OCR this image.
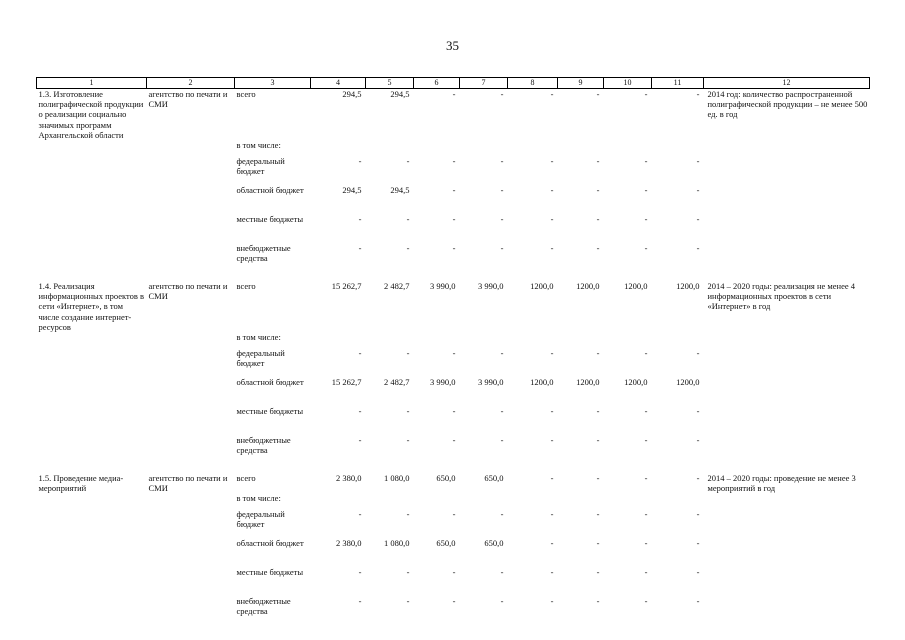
35
1	2	3	4	5	6	7	8	9	10	11	12
1.3. Изготовление полиграфической продукции о реализации социально значимых программ Архангельской области	агентство по печати и СМИ	всего	294,5	294,5	-	-	-	-	-	-	2014 год: количество распространенной полиграфической продукции – не менее 500 ед. в год
		в том числе:									
		федеральный бюджет	-	-	-	-	-	-	-	-	
		областной бюджет	294,5	294,5	-	-	-	-	-	-	
		местные бюджеты	-	-	-	-	-	-	-	-	
		внебюджетные средства	-	-	-	-	-	-	-	-	

1.4. Реализация информационных проектов в сети «Интернет», в том числе создание интернет-ресурсов	агентство по печати и СМИ	всего	15 262,7	2 482,7	3 990,0	3 990,0	1200,0	1200,0	1200,0	1200,0	2014 – 2020 годы: реализация не менее 4 информационных проектов в сети «Интернет» в год
		в том числе:									
		федеральный бюджет	-	-	-	-	-	-	-	-	
		областной бюджет	15 262,7	2 482,7	3 990,0	3 990,0	1200,0	1200,0	1200,0	1200,0	
		местные бюджеты	-	-	-	-	-	-	-	-	
		внебюджетные средства	-	-	-	-	-	-	-	-	

1.5. Проведение медиа-мероприятий	агентство по печати и СМИ	всего	2 380,0	1 080,0	650,0	650,0	-	-	-	-	2014 – 2020 годы: проведение не менее 3 мероприятий в год
		в том числе:									
		федеральный бюджет	-	-	-	-	-	-	-	-	
		областной бюджет	2 380,0	1 080,0	650,0	650,0	-	-	-	-	
		местные бюджеты	-	-	-	-	-	-	-	-	
		внебюджетные средства	-	-	-	-	-	-	-	-	
